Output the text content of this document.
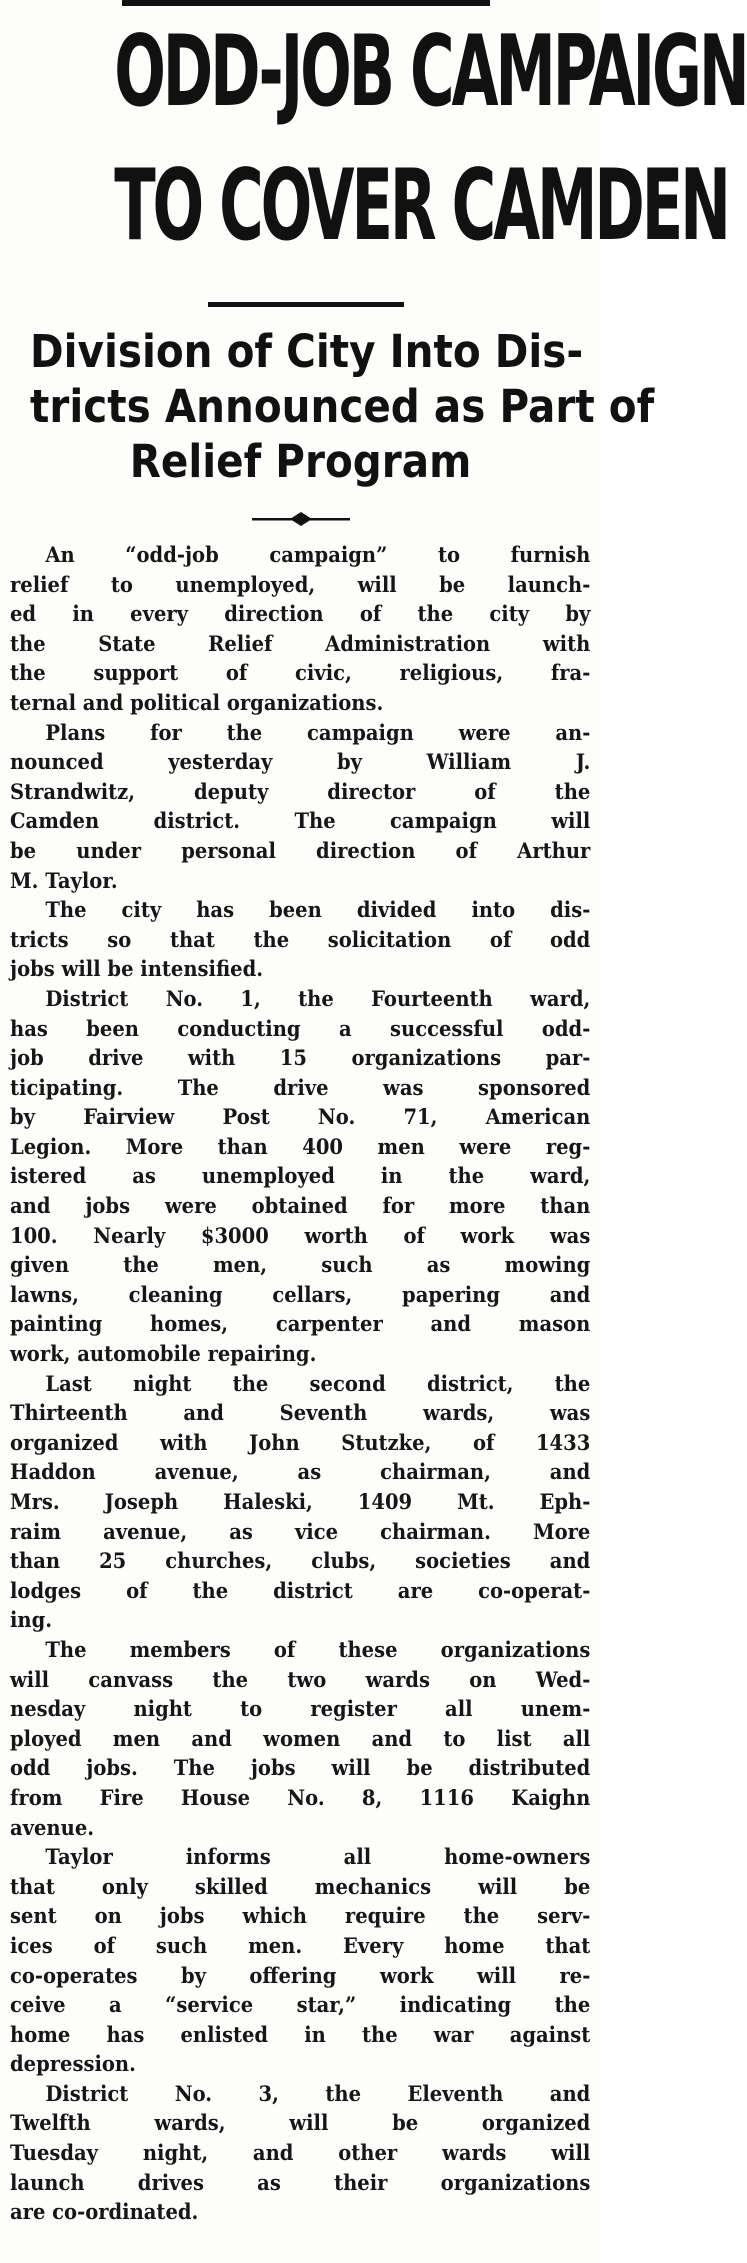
ODD-JOB CAMPAIGN
TO COVER CAMDEN
Division of City Into Dis-
tricts Announced as Part of
Relief Program
An “odd-job campaign” to furnish
relief to unemployed, will be launch-
ed in every direction of the city by
the State Relief Administration with
the support of civic, religious, fra-
ternal and political organizations.
Plans for the campaign were an-
nounced yesterday by William J.
Strandwitz, deputy director of the
Camden district. The campaign will
be under personal direction of Arthur
M. Taylor.
The city has been divided into dis-
tricts so that the solicitation of odd
jobs will be intensified.
District No. 1, the Fourteenth ward,
has been conducting a successful odd-
job drive with 15 organizations par-
ticipating. The drive was sponsored
by Fairview Post No. 71, American
Legion. More than 400 men were reg-
istered as unemployed in the ward,
and jobs were obtained for more than
100. Nearly $3000 worth of work was
given the men, such as mowing
lawns, cleaning cellars, papering and
painting homes, carpenter and mason
work, automobile repairing.
Last night the second district, the
Thirteenth and Seventh wards, was
organized with John Stutzke, of 1433
Haddon avenue, as chairman, and
Mrs. Joseph Haleski, 1409 Mt. Eph-
raim avenue, as vice chairman. More
than 25 churches, clubs, societies and
lodges of the district are co-operat-
ing.
The members of these organizations
will canvass the two wards on Wed-
nesday night to register all unem-
ployed men and women and to list all
odd jobs. The jobs will be distributed
from Fire House No. 8, 1116 Kaighn
avenue.
Taylor informs all home-owners
that only skilled mechanics will be
sent on jobs which require the serv-
ices of such men. Every home that
co-operates by offering work will re-
ceive a “service star,” indicating the
home has enlisted in the war against
depression.
District No. 3, the Eleventh and
Twelfth wards, will be organized
Tuesday night, and other wards will
launch drives as their organizations
are co-ordinated.
